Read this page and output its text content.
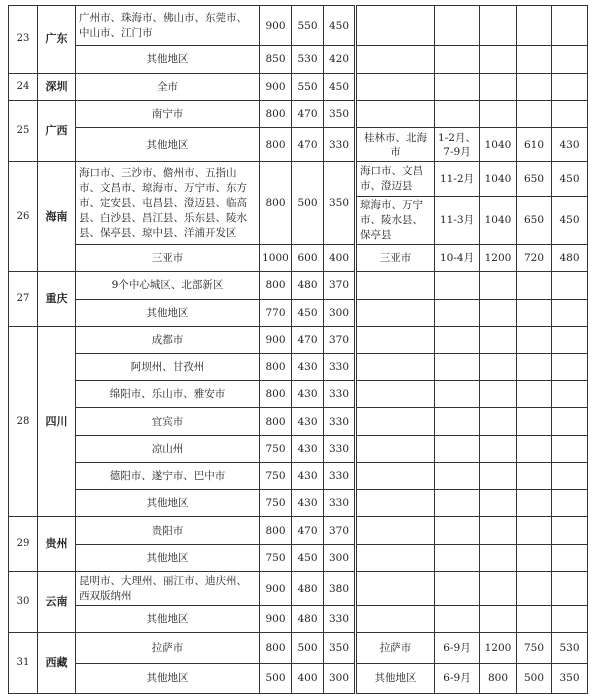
23	广东	广州市、珠海市、佛山市、东莞市、中山市、江门市	900	550	450					
		其他地区	850	530	420					
24	深圳	全市	900	550	450					
25	广西	南宁市	800	470	350					
		其他地区	800	470	330	桂林市、北海市	1-2月、7-9月	1040	610	430
26	海南	海口市、三沙市、儋州市、五指山市、文昌市、琼海市、万宁市、东方市、定安县、屯昌县、澄迈县、临高县、白沙县、昌江县、乐东县、陵水县、保亭县、琼中县、洋浦开发区	800	500	350	海口市、文昌市、澄迈县	11-2月	1040	650	450
						琼海市、万宁市、陵水县、保亭县	11-3月	1040	650	450
		三亚市	1000	600	400	三亚市	10-4月	1200	720	480
27	重庆	9个中心城区、北部新区	800	480	370					
		其他地区	770	450	300					
28	四川	成都市	900	470	370					
		阿坝州、甘孜州	800	430	330					
		绵阳市、乐山市、雅安市	800	430	330					
		宜宾市	800	430	330					
		凉山州	750	430	330					
		德阳市、遂宁市、巴中市	750	430	330					
		其他地区	750	430	330					
29	贵州	贵阳市	800	470	370					
		其他地区	750	450	300					
30	云南	昆明市、大理州、丽江市、迪庆州、西双版纳州	900	480	380					
		其他地区	900	480	330					
31	西藏	拉萨市	800	500	350	拉萨市	6-9月	1200	750	530
		其他地区	500	400	300	其他地区	6-9月	800	500	350
